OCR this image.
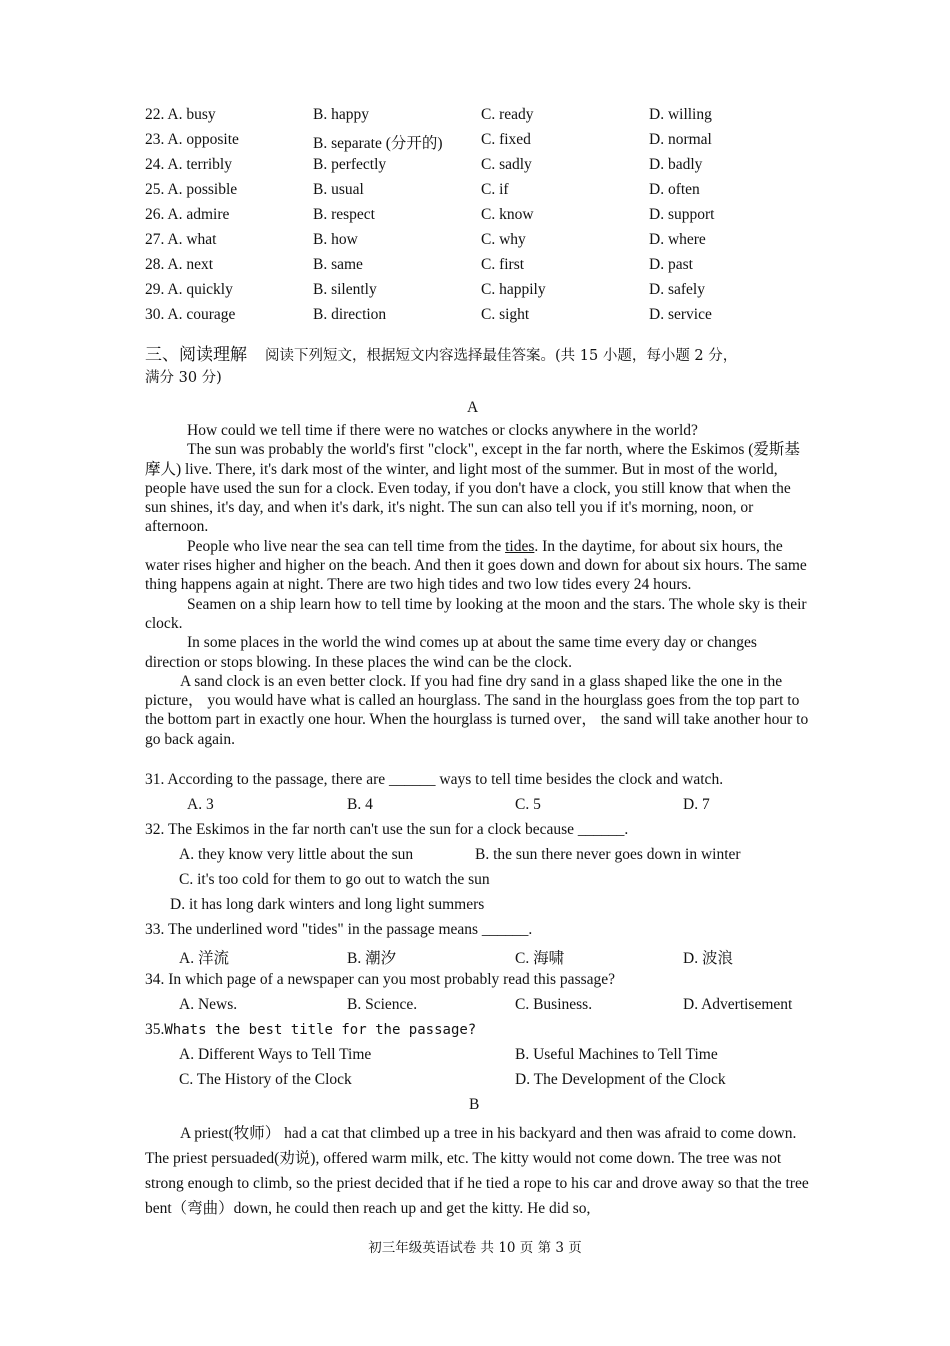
22. A. busy	B. happy	C. ready	D. willing
23. A. opposite	B. separate (分开的) C. fixed	D. normal
24. A. terribly	B. perfectly	C. sadly	D. badly
25. A. possible	B. usual	C. if	D. often
26. A. admire	B. respect	C. know	D. support
27. A. what	B. how	C. why	D. where
28. A. next	B. same	C. first	D. past
29. A. quickly	B. silently	C. happily	D. safely
30. A. courage	B. direction	C. sight	D. service
三、阅读理解 阅读下列短文，根据短文内容选择最佳答案。(共 15 小题，每小题 2 分，
满分 30 分)
A
How could we tell time if there were no watches or clocks anywhere in the world?
The sun was probably the world's first "clock", except in the far north, where the Eskimos (爱斯基摩人) live. There, it's dark most of the winter, and light most of the summer. But in most of the world, people have used the sun for a clock. Even today, if you don't have a clock, you still know that when the sun shines, it's day, and when it's dark, it's night. The sun can also tell you if it's morning, noon, or afternoon.
People who live near the sea can tell time from the tides. In the daytime, for about six hours, the water rises higher and higher on the beach. And then it goes down and down for about six hours. The same thing happens again at night. There are two high tides and two low tides every 24 hours.
Seamen on a ship learn how to tell time by looking at the moon and the stars. The whole sky is their clock.
In some places in the world the wind comes up at about the same time every day or changes direction or stops blowing. In these places the wind can be the clock.
A sand clock is an even better clock. If you had fine dry sand in a glass shaped like the one in the picture， you would have what is called an hourglass. The sand in the hourglass goes from the top part to the bottom part in exactly one hour. When the hourglass is turned over， the sand will take another hour to go back again.
31. According to the passage, there are ______ ways to tell time besides the clock and watch.
A. 3	B. 4	C. 5	D. 7
32. The Eskimos in the far north can't use the sun for a clock because ______.
A. they know very little about the sun	B. the sun there never goes down in winter
C. it's too cold for them to go out to watch the sun
D. it has long dark winters and long light summers
33. The underlined word "tides" in the passage means ______.
A. 洋流	B. 潮汐	C. 海啸	D. 波浪
34. In which page of a newspaper can you most probably read this passage?
A. News.	B. Science.	C. Business.	D. Advertisement
35.Whats the best title for the passage?
A. Different Ways to Tell Time	B. Useful Machines to Tell Time
C. The History of the Clock	D. The Development of the Clock
B
A priest(牧师） had a cat that climbed up a tree in his backyard and then was afraid to come down. The priest persuaded(劝说), offered warm milk, etc. The kitty would not come down. The tree was not strong enough to climb, so the priest decided that if he tied a rope to his car and drove away so that the tree bent（弯曲）down, he could then reach up and get the kitty. He did so,
初三年级英语试卷 共 10 页 第 3 页
